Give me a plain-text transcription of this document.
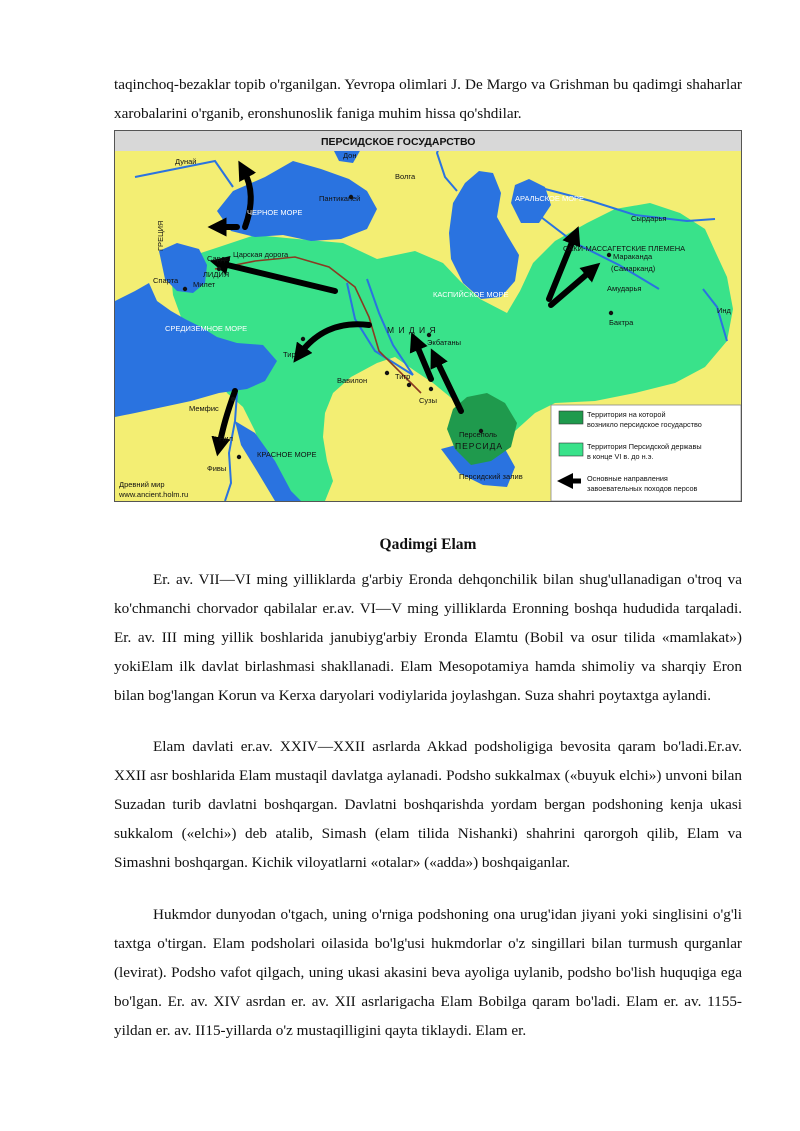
taqinchoq-bezaklar topib o'rganilgan. Yevropa olimlari J. De Margo va Grishman bu qadimgi shaharlar xarobalarini o'rganib, eronshunoslik faniga muhim hissa qo'shdilar.

ПЕРСИДСКОЕ ГОСУДАРСТВО
Дунай
Дон
Волга
Пантикапей
ЧЕРНОЕ МОРЕ
АРАЛЬСКОЕ МОРЕ
Сырдарья
ГРЕЦИЯ
Сарды Царская дорога
ЛИДИЯ
Милет
Спарта
КАСПИЙСКОЕ МОРЕ
САКИ-МАССАГЕТСКИЕ ПЛЕМЕНА
Мараканда
(Самарканд)
Амударья
Бактра
Инд
СРЕДИЗЕМНОЕ МОРЕ	М И Д И Я
Экбатаны
Тир
Вавилон	Тигр
Сузы
Персеполь
ПЕРСИДА
Мемфис
Нил
КРАСНОЕ МОРЕ
Фивы
Персидский залив
Древний мир
www.ancient.holm.ru
Территория на которой
возникло персидское государство
Территория Персидской державы
в конце VI в. до н.э.
Основные направления
завоевательных походов персов
Qadimgi Elam

Er. av. VII—VI ming yilliklarda g'arbiy Eronda dehqonchilik bilan shug'ullanadigan o'troq va ko'chmanchi chorvador qabilalar er.av. VI—V ming yilliklarda Eronning boshqa hududida tarqaladi. Er. av. III ming yillik boshlarida janubiyg'arbiy Eronda Elamtu (Bobil va osur tilida «mamlakat») yokiElam ilk davlat birlashmasi shakllanadi. Elam Mesopotamiya hamda shimoliy va sharqiy Eron bilan bog'langan Korun va Kerxa daryolari vodiylarida joylashgan. Suza shahri poytaxtga aylandi.

Elam davlati er.av. XXIV—XXII asrlarda Akkad podsholigiga bevosita qaram bo'ladi.Er.av. XXII asr boshlarida Elam mustaqil davlatga aylanadi. Podsho sukkalmax («buyuk elchi») unvoni bilan Suzadan turib davlatni boshqargan. Davlatni boshqarishda yordam bergan podshoning kenja ukasi sukkalom («elchi») deb atalib, Simash (elam tilida Nishanki) shahrini qarorgoh qilib, Elam va Simashni boshqargan. Kichik viloyatlarni «otalar» («adda») boshqaiganlar.

Hukmdor dunyodan o'tgach, uning o'rniga podshoning ona urug'idan jiyani yoki singlisini o'g'li taxtga o'tirgan. Elam podsholari oilasida bo'lg'usi hukmdorlar o'z singillari bilan turmush qurganlar (levirat). Podsho vafot qilgach, uning ukasi akasini beva ayoliga uylanib, podsho bo'lish huquqiga ega bo'lgan. Er. av. XIV asrdan er. av. XII asrlarigacha Elam Bobilga qaram bo'ladi. Elam er. av. 1155-yildan er. av. II15-yillarda o'z mustaqilligini qayta tiklaydi. Elam er.
